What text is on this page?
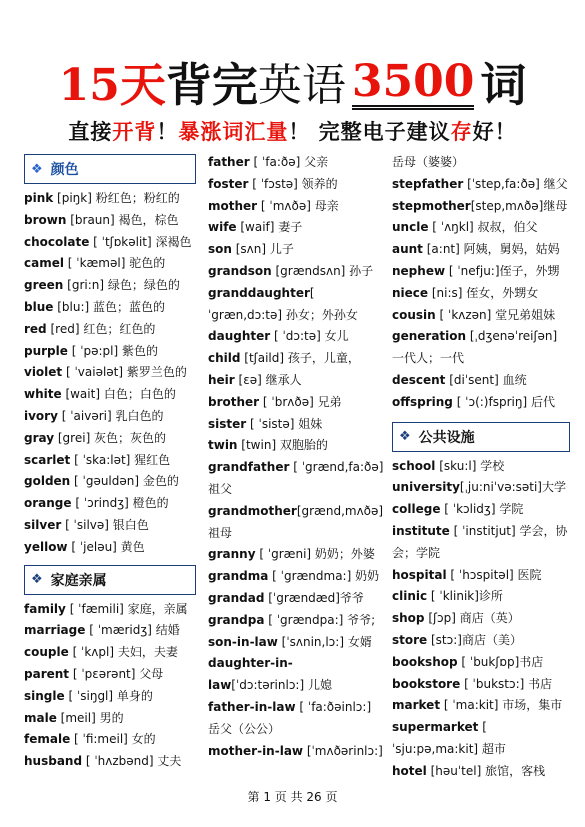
15 天 背完 英语 3500 词
直接开背！暴涨词汇量！ 完整电子建议存好！
❖ 颜色
pink [piŋk] 粉红色；粉红的
brown [braun] 褐色，棕色
chocolate [ ˈtʃɒkəlit] 深褐色
camel [ ˈkæməl] 驼色的
green [gri:n] 绿色；绿色的
blue [blu:] 蓝色；蓝色的
red [red] 红色；红色的
purple [ ˈpə:pl] 紫色的
violet [ ˈvaiələt] 紫罗兰色的
white [wait] 白色；白色的
ivory [ ˈaivəri] 乳白色的
gray [grei] 灰色；灰色的
scarlet [ ˈska:lət] 猩红色
golden [ ˈgəuldən] 金色的
orange [ ˈɔrindʒ] 橙色的
silver [ ˈsilvə] 银白色
yellow [ ˈjeləu] 黄色
❖ 家庭亲属
family [ ˈfæmili] 家庭，亲属
marriage [ ˈmæridʒ] 结婚
couple [ ˈkʌpl] 夫妇，夫妻
parent [ ˈpɛərənt] 父母
single [ ˈsiŋgl] 单身的
male [meil] 男的
female [ ˈfi:meil] 女的
husband [ ˈhʌzbənd] 丈夫
father [ ˈfa:ðə] 父亲
foster [ ˈfɔstə] 领养的
mother [ ˈmʌðə] 母亲
wife [waif] 妻子
son [sʌn] 儿子
grandson [grændsʌn] 孙子
granddaughter[ ˈgræn,dɔ:tə] 孙女；外孙女
daughter [ ˈdɔ:tə] 女儿
child [tʃaild] 孩子，儿童，
heir [ɛə] 继承人
brother [ ˈbrʌðə] 兄弟
sister [ ˈsistə] 姐妹
twin [twin] 双胞胎的
grandfather [ ˈgrænd,fa:ðə] 祖父
grandmother[grænd,mʌðə] 祖母
granny [ ˈgræni] 奶奶；外婆
grandma [ ˈgrændma:] 奶奶
grandad [ˈgrændæd]爷爷
grandpa [ ˈgrændpa:] 爷爷;
son-in-law [ˈsʌnin,lɔ:] 女婿
daughter-in-law[ˈdɔ:tərinlɔ:] 儿媳
father-in-law [ ˈfa:ðəinlɔ:] 岳父（公公）
mother-in-law [ˈmʌðərinlɔ:]
岳母（婆婆）
stepfather [ˈstep,fa:ðə] 继父
stepmother[step,mʌðə]继母
uncle [ ˈʌŋkl] 叔叔，伯父
aunt [a:nt] 阿姨，舅妈，姑妈
nephew [ ˈnefju:]侄子，外甥
niece [ni:s] 侄女，外甥女
cousin [ ˈkʌzən] 堂兄弟姐妹
generation [ˌdʒenəˈreiʃən] 一代人；一代
descent [diˈsent] 血统
offspring [ ˈɔ(:)fspriŋ] 后代
❖ 公共设施
school [sku:l] 学校
university[ˌju:niˈvə:səti]大学
college [ ˈkɔlidʒ] 学院
institute [ ˈinstitjut] 学会，协会；学院
hospital [ ˈhɔspitəl] 医院
clinic [ ˈklinik]诊所
shop [ʃɔp] 商店（英）
store [stɔ:]商店（美）
bookshop [ ˈbukʃɒp]书店
bookstore [ ˈbukstɔ:] 书店
market [ ˈma:kit] 市场，集市
supermarket [ ˈsju:pə,ma:kit] 超市
hotel [həuˈtel] 旅馆，客栈
第 1 页 共 26 页
